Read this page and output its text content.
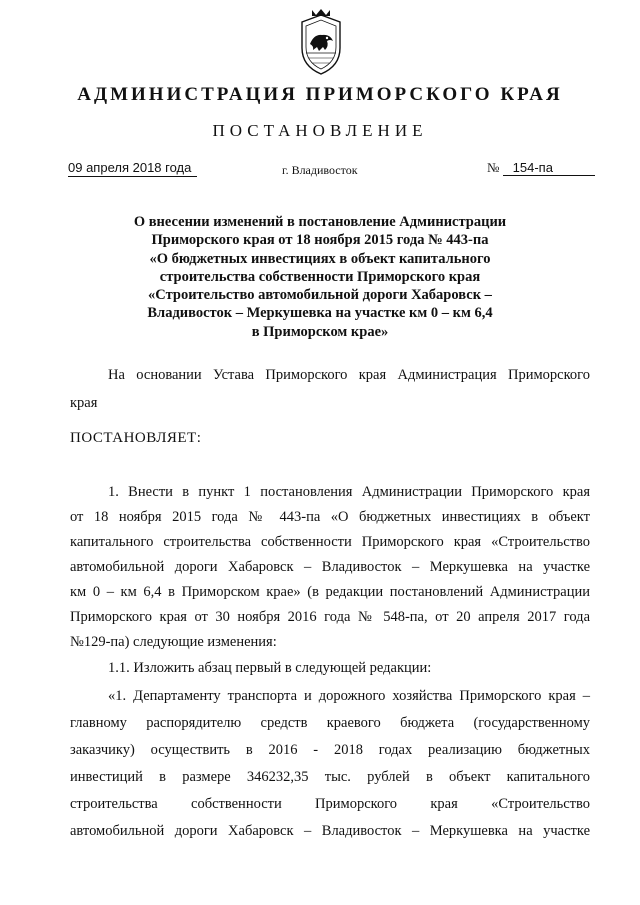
АДМИНИСТРАЦИЯ ПРИМОРСКОГО КРАЯ
ПОСТАНОВЛЕНИЕ
09 апреля 2018 года	г. Владивосток	№ 154-па
О внесении изменений в постановление Администрации
Приморского края от 18 ноября 2015 года № 443-па
«О бюджетных инвестициях в объект капитального
строительства собственности Приморского края
«Строительство автомобильной дороги Хабаровск –
Владивосток – Меркушевка на участке км 0 – км 6,4
в Приморском крае»
На основании Устава Приморского края Администрация Приморского
края
ПОСТАНОВЛЯЕТ:
1. Внести в пункт 1 постановления Администрации Приморского края
от 18 ноября 2015 года № 443-па «О бюджетных инвестициях в объект
капитального строительства собственности Приморского края «Строительство
автомобильной дороги Хабаровск – Владивосток – Меркушевка на участке
км 0 – км 6,4 в Приморском крае» (в редакции постановлений Администрации
Приморского края от 30 ноября 2016 года № 548-па, от 20 апреля 2017 года
№129-па) следующие изменения:
1.1. Изложить абзац первый в следующей редакции:
«1. Департаменту транспорта и дорожного хозяйства Приморского края –
главному распорядителю средств краевого бюджета (государственному
заказчику) осуществить в 2016 - 2018 годах реализацию бюджетных
инвестиций в размере 346232,35 тыс. рублей в объект капитального
строительства собственности Приморского края «Строительство
автомобильной дороги Хабаровск – Владивосток – Меркушевка на участке
